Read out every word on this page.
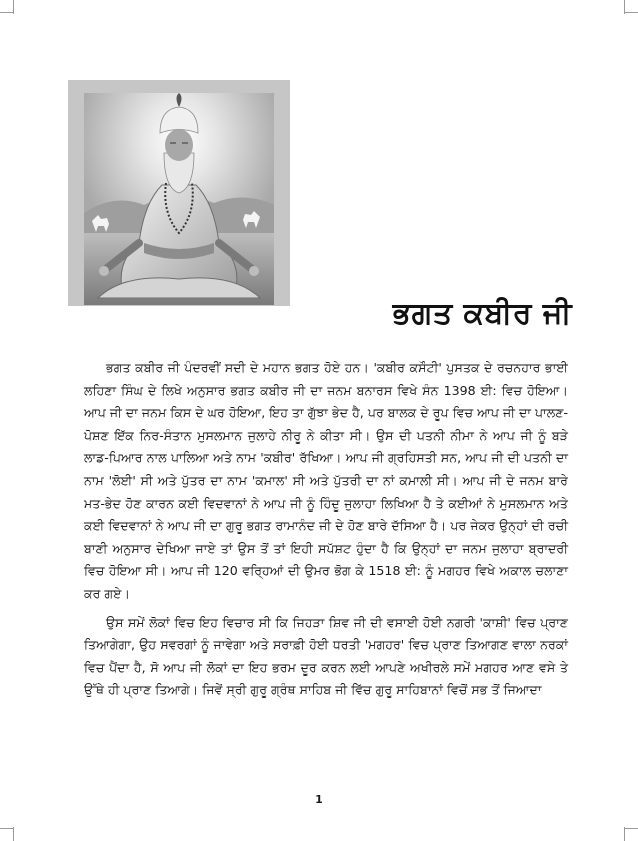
ਭਗਤ ਕਬੀਰ ਜੀ

ਭਗਤ ਕਬੀਰ ਜੀ ਪੰਦਰਵੀਂ ਸਦੀ ਦੇ ਮਹਾਨ ਭਗਤ ਹੋਏ ਹਨ। 'ਕਬੀਰ ਕਸੌਟੀ' ਪੁਸਤਕ ਦੇ ਰਚਨਹਾਰ ਭਾਈ ਲਹਿਣਾ ਸਿੰਘ ਦੇ ਲਿਖੇ ਅਨੁਸਾਰ ਭਗਤ ਕਬੀਰ ਜੀ ਦਾ ਜਨਮ ਬਨਾਰਸ ਵਿਖੇ ਸੰਨ 1398 ਈ: ਵਿਚ ਹੋਇਆ। ਆਪ ਜੀ ਦਾ ਜਨਮ ਕਿਸ ਦੇ ਘਰ ਹੋਇਆ, ਇਹ ਤਾ ਗੁੱਝਾ ਭੇਦ ਹੈ, ਪਰ ਬਾਲਕ ਦੇ ਰੂਪ ਵਿਚ ਆਪ ਜੀ ਦਾ ਪਾਲਣ-ਪੋਸ਼ਣ ਇੱਕ ਨਿਰ-ਸੰਤਾਨ ਮੁਸਲਮਾਨ ਜੁਲਾਹੇ ਨੀਰੂ ਨੇ ਕੀਤਾ ਸੀ। ਉਸ ਦੀ ਪਤਨੀ ਨੀਮਾ ਨੇ ਆਪ ਜੀ ਨੂੰ ਬੜੇ ਲਾਡ-ਪਿਆਰ ਨਾਲ ਪਾਲਿਆ ਅਤੇ ਨਾਮ 'ਕਬੀਰ' ਰੱਖਿਆ। ਆਪ ਜੀ ਗ੍ਰਹਿਸਤੀ ਸਨ, ਆਪ ਜੀ ਦੀ ਪਤਨੀ ਦਾ ਨਾਮ 'ਲੋਈ' ਸੀ ਅਤੇ ਪੁੱਤਰ ਦਾ ਨਾਮ 'ਕਮਾਲ' ਸੀ ਅਤੇ ਪੁੱਤਰੀ ਦਾ ਨਾਂ ਕਮਾਲੀ ਸੀ। ਆਪ ਜੀ ਦੇ ਜਨਮ ਬਾਰੇ ਮਤ-ਭੇਦ ਹੋਣ ਕਾਰਨ ਕਈ ਵਿਦਵਾਨਾਂ ਨੇ ਆਪ ਜੀ ਨੂੰ ਹਿੰਦੂ ਜੁਲਾਹਾ ਲਿਖਿਆ ਹੈ ਤੇ ਕਈਆਂ ਨੇ ਮੁਸਲਮਾਨ ਅਤੇ ਕਈ ਵਿਦਵਾਨਾਂ ਨੇ ਆਪ ਜੀ ਦਾ ਗੁਰੂ ਭਗਤ ਰਾਮਾਨੰਦ ਜੀ ਦੇ ਹੋਣ ਬਾਰੇ ਦੱਸਿਆ ਹੈ। ਪਰ ਜੇਕਰ ਉਨ੍ਹਾਂ ਦੀ ਰਚੀ ਬਾਣੀ ਅਨੁਸਾਰ ਦੇਖਿਆ ਜਾਏ ਤਾਂ ਉਸ ਤੋਂ ਤਾਂ ਇਹੀ ਸਪੱਸ਼ਟ ਹੁੰਦਾ ਹੈ ਕਿ ਉਨ੍ਹਾਂ ਦਾ ਜਨਮ ਜੁਲਾਹਾ ਬ੍ਰਾਦਰੀ ਵਿਚ ਹੋਇਆ ਸੀ। ਆਪ ਜੀ 120 ਵਰ੍ਹਿਆਂ ਦੀ ਉਮਰ ਭੋਗ ਕੇ 1518 ਈ: ਨੂੰ ਮਗਹਰ ਵਿਖੇ ਅਕਾਲ ਚਲਾਣਾ ਕਰ ਗਏ।

ਉਸ ਸਮੇਂ ਲੋਕਾਂ ਵਿਚ ਇਹ ਵਿਚਾਰ ਸੀ ਕਿ ਜਿਹੜਾ ਸ਼ਿਵ ਜੀ ਦੀ ਵਸਾਈ ਹੋਈ ਨਗਰੀ 'ਕਾਸ਼ੀ' ਵਿਚ ਪ੍ਰਾਣ ਤਿਆਗੇਗਾ, ਉਹ ਸਵਰਗਾਂ ਨੂੰ ਜਾਵੇਗਾ ਅਤੇ ਸਰਾਫ਼ੀ ਹੋਈ ਧਰਤੀ 'ਮਗਹਰ' ਵਿਚ ਪ੍ਰਾਣ ਤਿਆਗਣ ਵਾਲਾ ਨਰਕਾਂ ਵਿਚ ਪੈਂਦਾ ਹੈ, ਸੋ ਆਪ ਜੀ ਲੋਕਾਂ ਦਾ ਇਹ ਭਰਮ ਦੂਰ ਕਰਨ ਲਈ ਆਪਣੇ ਅਖੀਰਲੇ ਸਮੇਂ ਮਗਹਰ ਆਣ ਵਸੇ ਤੇ ਉੱਥੇ ਹੀ ਪ੍ਰਾਣ ਤਿਆਗੇ। ਜਿਵੇਂ ਸ੍ਰੀ ਗੁਰੂ ਗ੍ਰੰਥ ਸਾਹਿਬ ਜੀ ਵਿੱਚ ਗੁਰੂ ਸਾਹਿਬਾਨਾਂ ਵਿਚੋਂ ਸਭ ਤੋਂ ਜਿਆਦਾ

1
